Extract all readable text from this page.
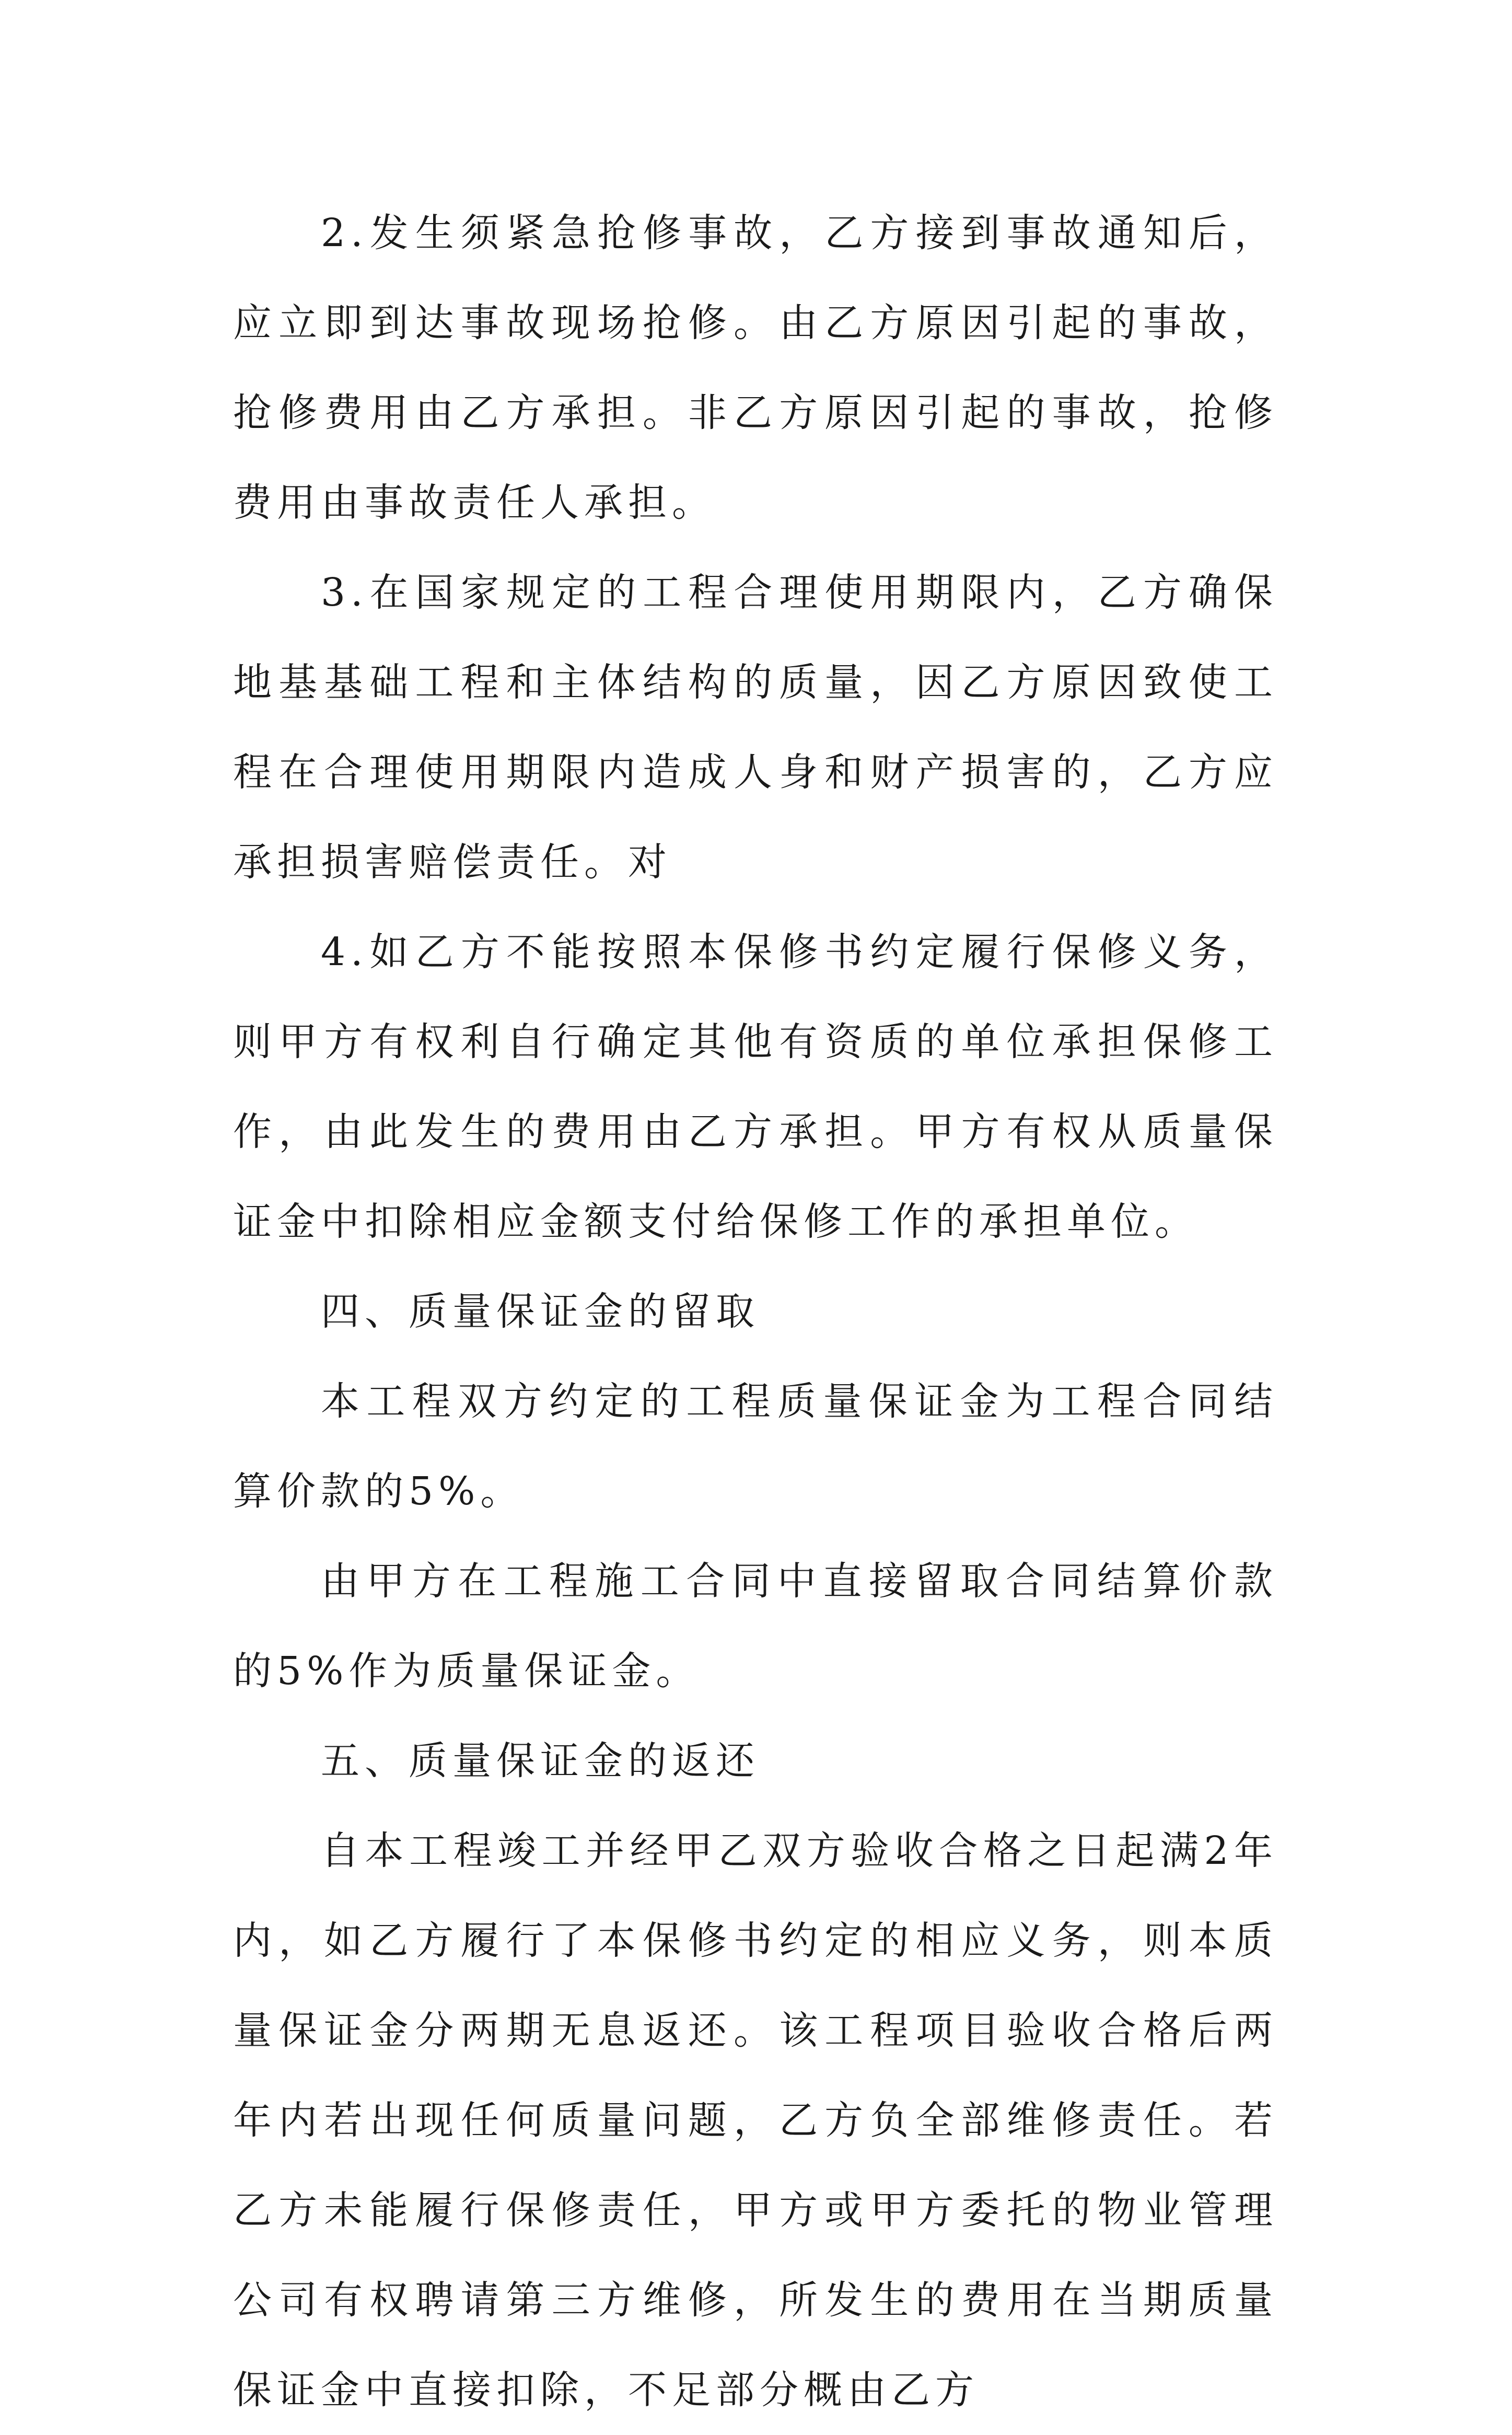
2.发生须紧急抢修事故，乙方接到事故通知后，应立即到达事故现场抢修。由乙方原因引起的事故，抢修费用由乙方承担。非乙方原因引起的事故，抢修费用由事故责任人承担。

3.在国家规定的工程合理使用期限内，乙方确保地基基础工程和主体结构的质量，因乙方原因致使工程在合理使用期限内造成人身和财产损害的，乙方应承担损害赔偿责任。对

4.如乙方不能按照本保修书约定履行保修义务，则甲方有权利自行确定其他有资质的单位承担保修工作，由此发生的费用由乙方承担。甲方有权从质量保证金中扣除相应金额支付给保修工作的承担单位。

四、质量保证金的留取

本工程双方约定的工程质量保证金为工程合同结算价款的5%。

由甲方在工程施工合同中直接留取合同结算价款的5%作为质量保证金。

五、质量保证金的返还

自本工程竣工并经甲乙双方验收合格之日起满2年内，如乙方履行了本保修书约定的相应义务，则本质量保证金分两期无息返还。该工程项目验收合格后两年内若出现任何质量问题，乙方负全部维修责任。若乙方未能履行保修责任，甲方或甲方委托的物业管理公司有权聘请第三方维修，所发生的费用在当期质量保证金中直接扣除，不足部分概由乙方
